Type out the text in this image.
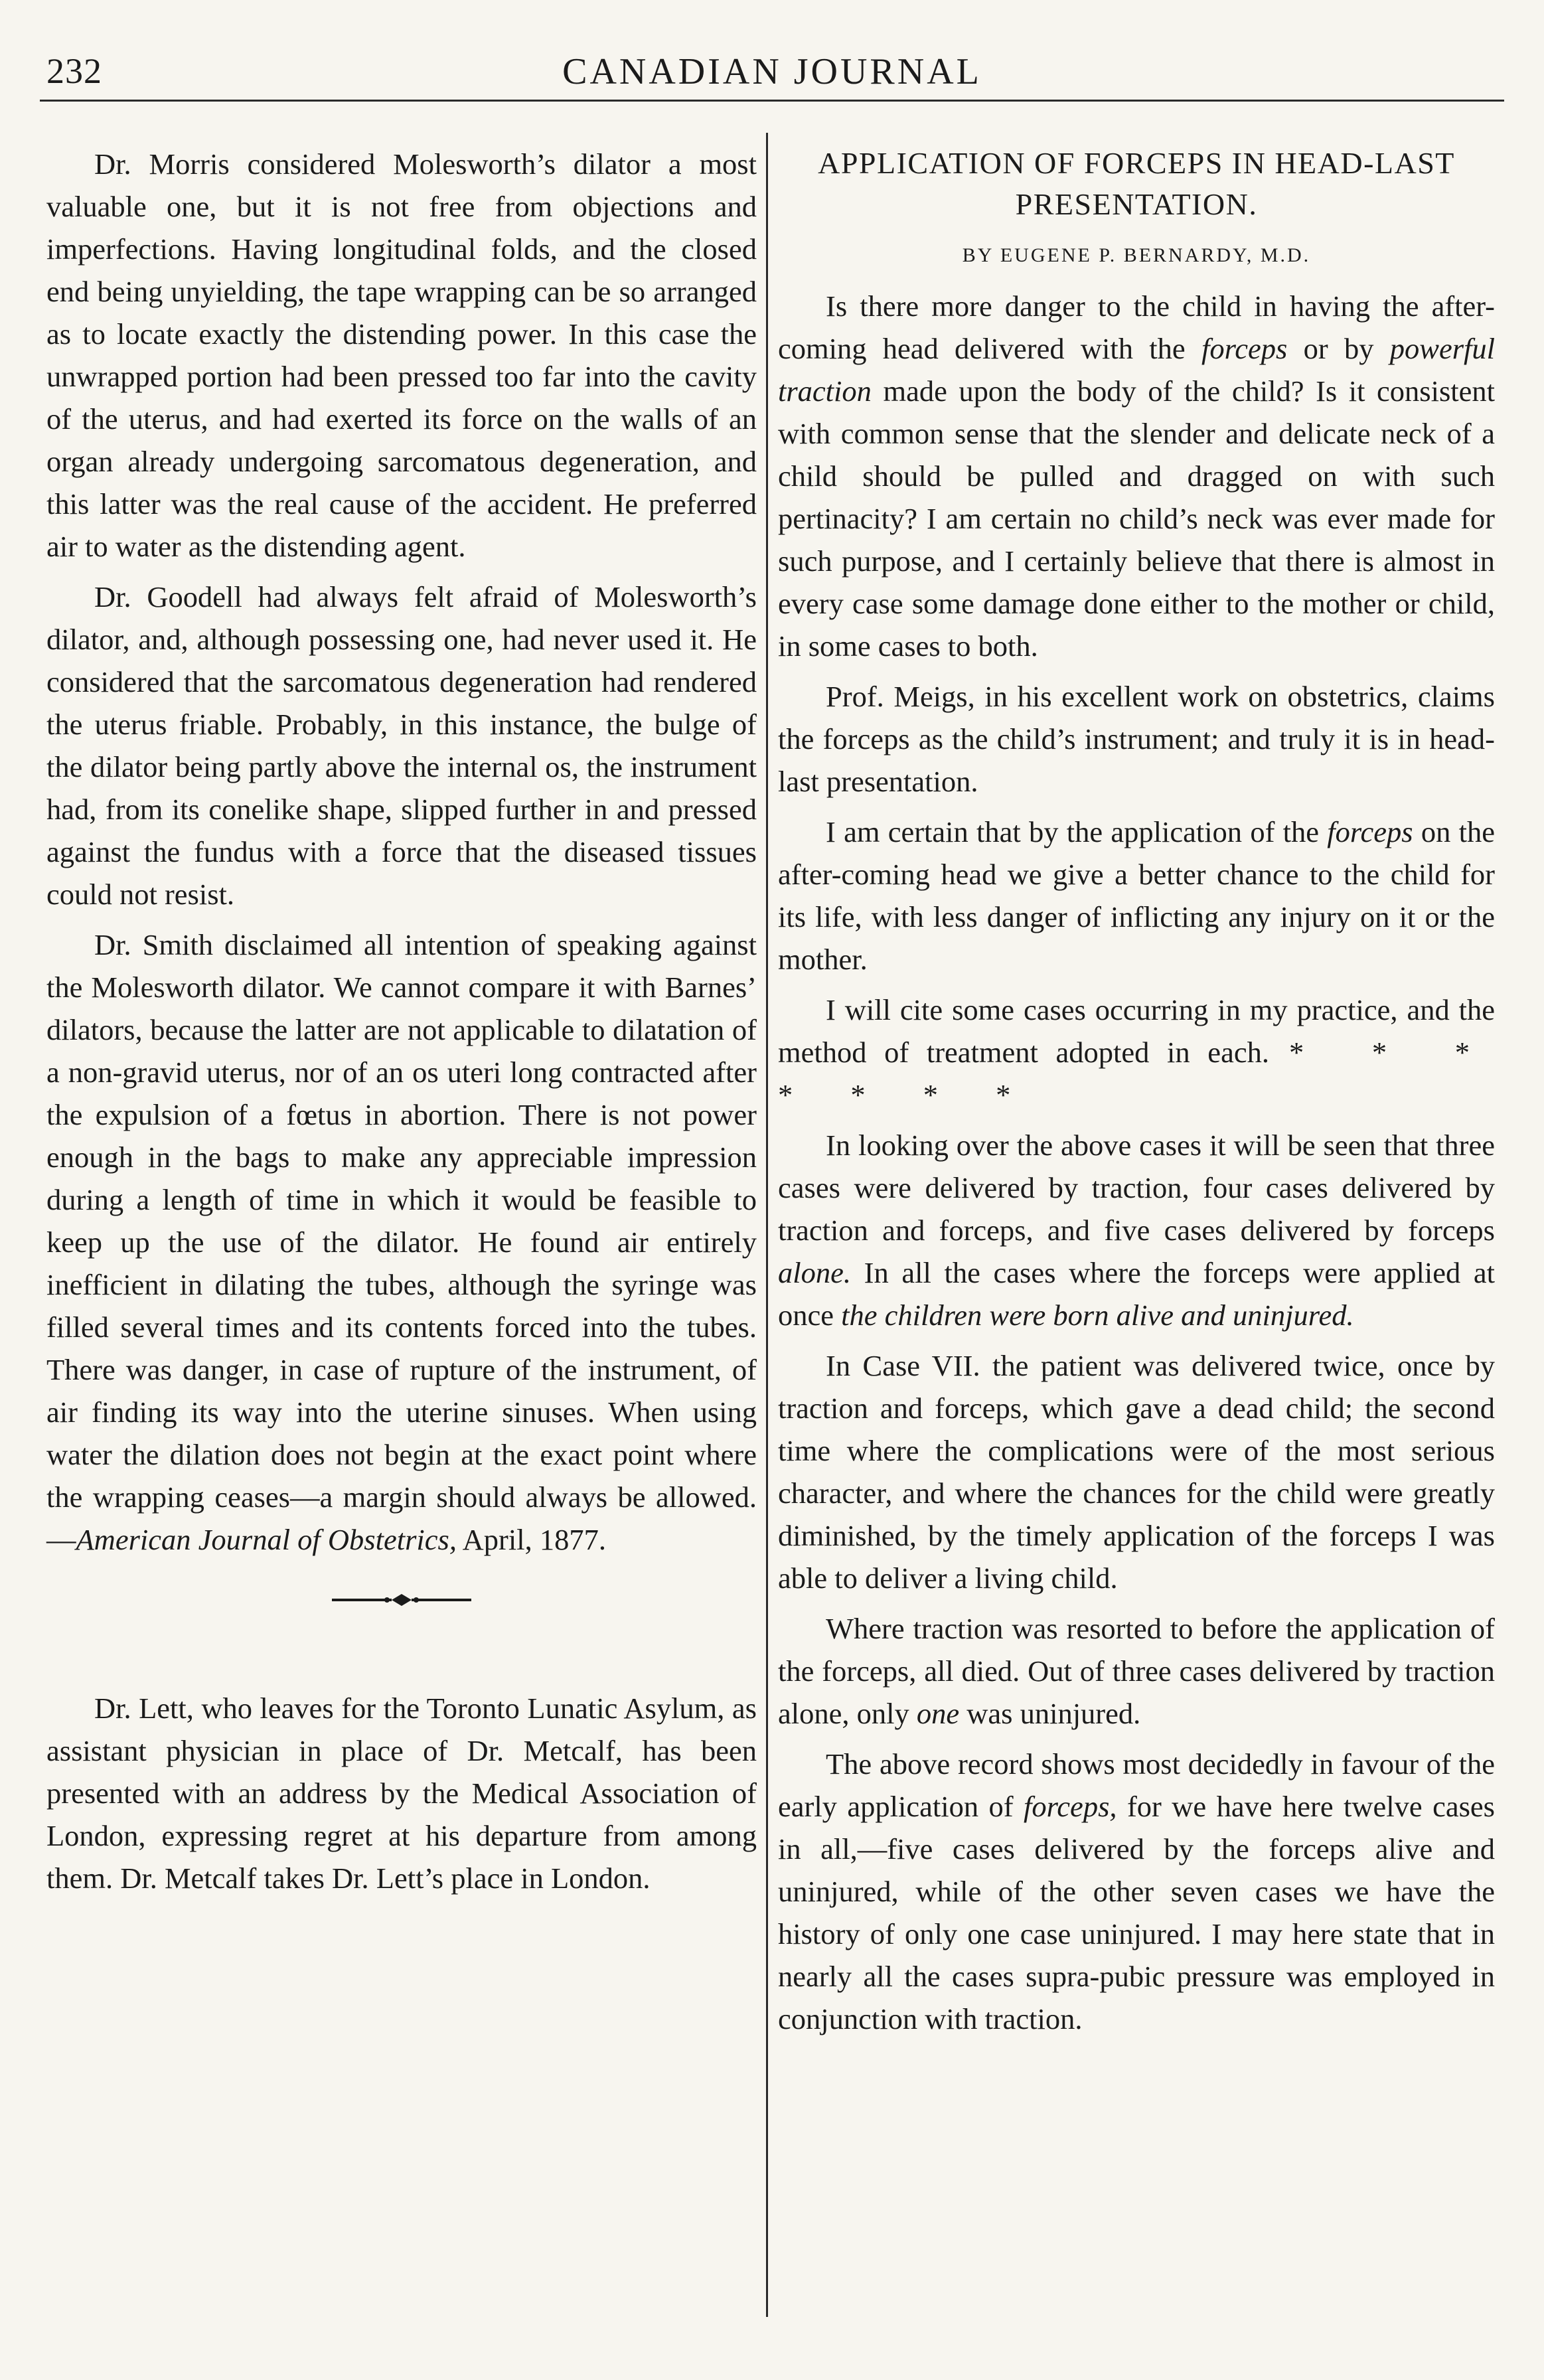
232	CANADIAN JOURNAL

Dr. Morris considered Molesworth’s dilator a most valuable one, but it is not free from objections and imperfections. Having longitudinal folds, and the closed end being unyielding, the tape wrapping can be so arranged as to locate exactly the distending power. In this case the unwrapped portion had been pressed too far into the cavity of the uterus, and had exerted its force on the walls of an organ already undergoing sarcomatous degeneration, and this latter was the real cause of the accident. He preferred air to water as the distending agent.

Dr. Goodell had always felt afraid of Molesworth’s dilator, and, although possessing one, had never used it. He considered that the sarcomatous degeneration had rendered the uterus friable. Probably, in this instance, the bulge of the dilator being partly above the internal os, the instrument had, from its conelike shape, slipped further in and pressed against the fundus with a force that the diseased tissues could not resist.

Dr. Smith disclaimed all intention of speaking against the Molesworth dilator. We cannot compare it with Barnes’ dilators, because the latter are not applicable to dilatation of a non-gravid uterus, nor of an os uteri long contracted after the expulsion of a fœtus in abortion. There is not power enough in the bags to make any appreciable impression during a length of time in which it would be feasible to keep up the use of the dilator. He found air entirely inefficient in dilating the tubes, although the syringe was filled several times and its contents forced into the tubes. There was danger, in case of rupture of the instrument, of air finding its way into the uterine sinuses. When using water the dilation does not begin at the exact point where the wrapping ceases—a margin should always be allowed.—American Journal of Obstetrics, April, 1877.

Dr. Lett, who leaves for the Toronto Lunatic Asylum, as assistant physician in place of Dr. Metcalf, has been presented with an address by the Medical Association of London, expressing regret at his departure from among them. Dr. Metcalf takes Dr. Lett’s place in London.

APPLICATION OF FORCEPS IN HEAD-LAST PRESENTATION.
BY EUGENE P. BERNARDY, M.D.

Is there more danger to the child in having the after-coming head delivered with the forceps or by powerful traction made upon the body of the child? Is it consistent with common sense that the slender and delicate neck of a child should be pulled and dragged on with such pertinacity? I am certain no child’s neck was ever made for such purpose, and I certainly believe that there is almost in every case some damage done either to the mother or child, in some cases to both.

Prof. Meigs, in his excellent work on obstetrics, claims the forceps as the child’s instrument; and truly it is in head-last presentation.

I am certain that by the application of the forceps on the after-coming head we give a better chance to the child for its life, with less danger of inflicting any injury on it or the mother.

I will cite some cases occurring in my practice, and the method of treatment adopted in each. * * * * * * *

In looking over the above cases it will be seen that three cases were delivered by traction, four cases delivered by traction and forceps, and five cases delivered by forceps alone. In all the cases where the forceps were applied at once the children were born alive and uninjured.

In Case VII. the patient was delivered twice, once by traction and forceps, which gave a dead child; the second time where the complications were of the most serious character, and where the chances for the child were greatly diminished, by the timely application of the forceps I was able to deliver a living child.

Where traction was resorted to before the application of the forceps, all died. Out of three cases delivered by traction alone, only one was uninjured.

The above record shows most decidedly in favour of the early application of forceps, for we have here twelve cases in all,—five cases delivered by the forceps alive and uninjured, while of the other seven cases we have the history of only one case uninjured. I may here state that in nearly all the cases supra-pubic pressure was employed in conjunction with traction.
